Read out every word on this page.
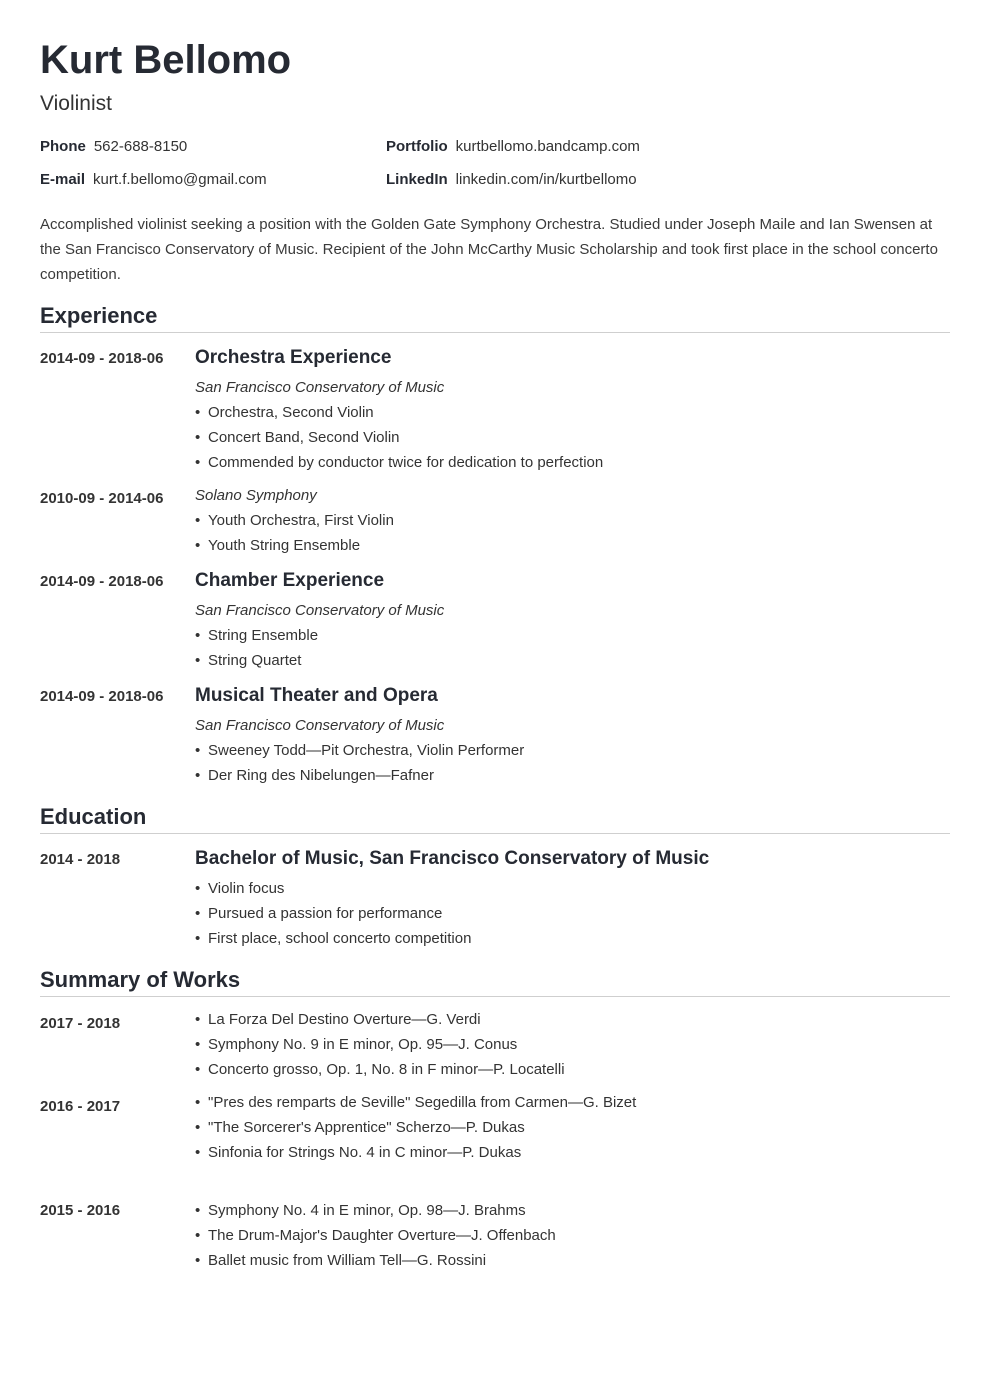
Kurt Bellomo
Violinist
Phone 562-688-8150	Portfolio kurtbellomo.bandcamp.com
E-mail kurt.f.bellomo@gmail.com	LinkedIn linkedin.com/in/kurtbellomo
Accomplished violinist seeking a position with the Golden Gate Symphony Orchestra. Studied under Joseph Maile and Ian Swensen at the San Francisco Conservatory of Music. Recipient of the John McCarthy Music Scholarship and took first place in the school concerto competition.
Experience
2014-09 - 2018-06 Orchestra Experience
San Francisco Conservatory of Music
• Orchestra, Second Violin
• Concert Band, Second Violin
• Commended by conductor twice for dedication to perfection
2010-09 - 2014-06 Solano Symphony
• Youth Orchestra, First Violin
• Youth String Ensemble
2014-09 - 2018-06 Chamber Experience
San Francisco Conservatory of Music
• String Ensemble
• String Quartet
2014-09 - 2018-06 Musical Theater and Opera
San Francisco Conservatory of Music
• Sweeney Todd—Pit Orchestra, Violin Performer
• Der Ring des Nibelungen—Fafner
Education
2014 - 2018	Bachelor of Music, San Francisco Conservatory of Music
• Violin focus
• Pursued a passion for performance
• First place, school concerto competition
Summary of Works
2017 - 2018	• La Forza Del Destino Overture—G. Verdi
• Symphony No. 9 in E minor, Op. 95—J. Conus
• Concerto grosso, Op. 1, No. 8 in F minor—P. Locatelli
2016 - 2017	• "Pres des remparts de Seville" Segedilla from Carmen—G. Bizet
• "The Sorcerer's Apprentice" Scherzo—P. Dukas
• Sinfonia for Strings No. 4 in C minor—P. Dukas
2015 - 2016	• Symphony No. 4 in E minor, Op. 98—J. Brahms
• The Drum-Major's Daughter Overture—J. Offenbach
• Ballet music from William Tell—G. Rossini
